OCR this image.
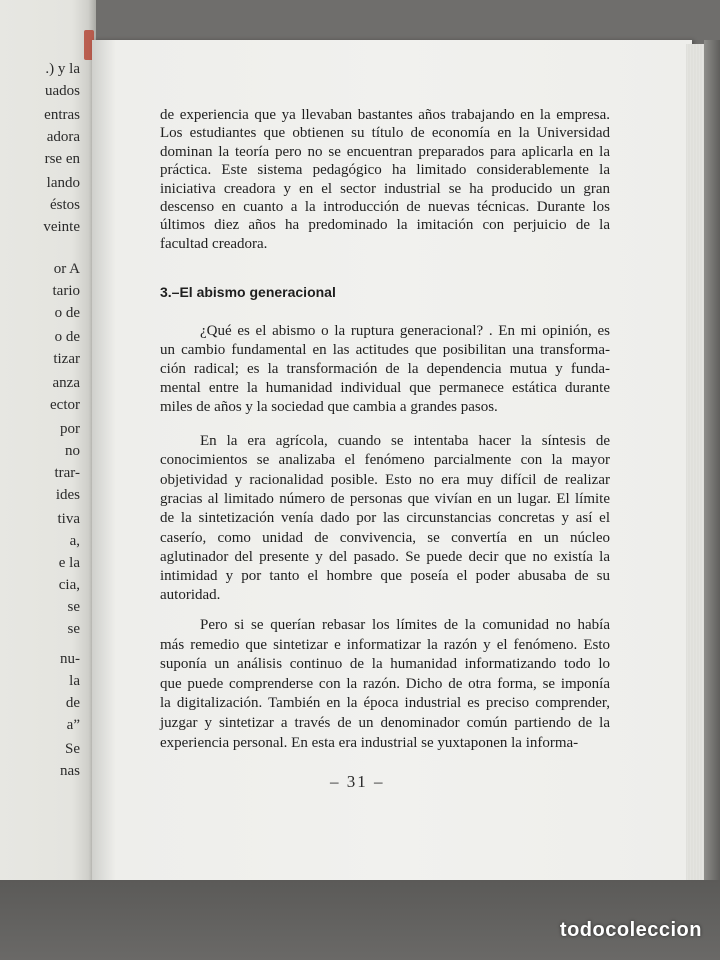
.) y la
uados
entras
adora
rse en
lando
éstos
veinte
or A
tario
o de
o de
tizar
anza
ector
por
no
trar-
ides
tiva
a,
e la
cia,
se
se
nu-
la
de
a”
Se
nas
de experiencia que ya llevaban bastantes años trabajando en la empresa.
Los estudiantes que obtienen su título de economía en la Universidad
dominan la teoría pero no se encuentran preparados para aplicarla en la
práctica. Este sistema pedagógico ha limitado considerablemente la
iniciativa creadora y en el sector industrial se ha producido un gran
descenso en cuanto a la introducción de nuevas técnicas. Durante los
últimos diez años ha predominado la imitación con perjuicio de la
facultad creadora.
3.–El abismo generacional
¿Qué es el abismo o la ruptura generacional? . En mi opinión, es
un cambio fundamental en las actitudes que posibilitan una transforma-
ción radical; es la transformación de la dependencia mutua y funda-
mental entre la humanidad individual que permanece estática durante
miles de años y la sociedad que cambia a grandes pasos.
En la era agrícola, cuando se intentaba hacer la síntesis de
conocimientos se analizaba el fenómeno parcialmente con la mayor
objetividad y racionalidad posible. Esto no era muy difícil de realizar
gracias al limitado número de personas que vivían en un lugar. El límite
de la sintetización venía dado por las circunstancias concretas y así el
caserío, como unidad de convivencia, se convertía en un núcleo
aglutinador del presente y del pasado. Se puede decir que no existía la
intimidad y por tanto el hombre que poseía el poder abusaba de su
autoridad.
Pero si se querían rebasar los límites de la comunidad no había
más remedio que sintetizar e informatizar la razón y el fenómeno. Esto
suponía un análisis continuo de la humanidad informatizando todo lo
que puede comprenderse con la razón. Dicho de otra forma, se imponía
la digitalización. También en la época industrial es preciso comprender,
juzgar y sintetizar a través de un denominador común partiendo de la
experiencia personal. En esta era industrial se yuxtaponen la informa-
– 31 –
todocoleccion
